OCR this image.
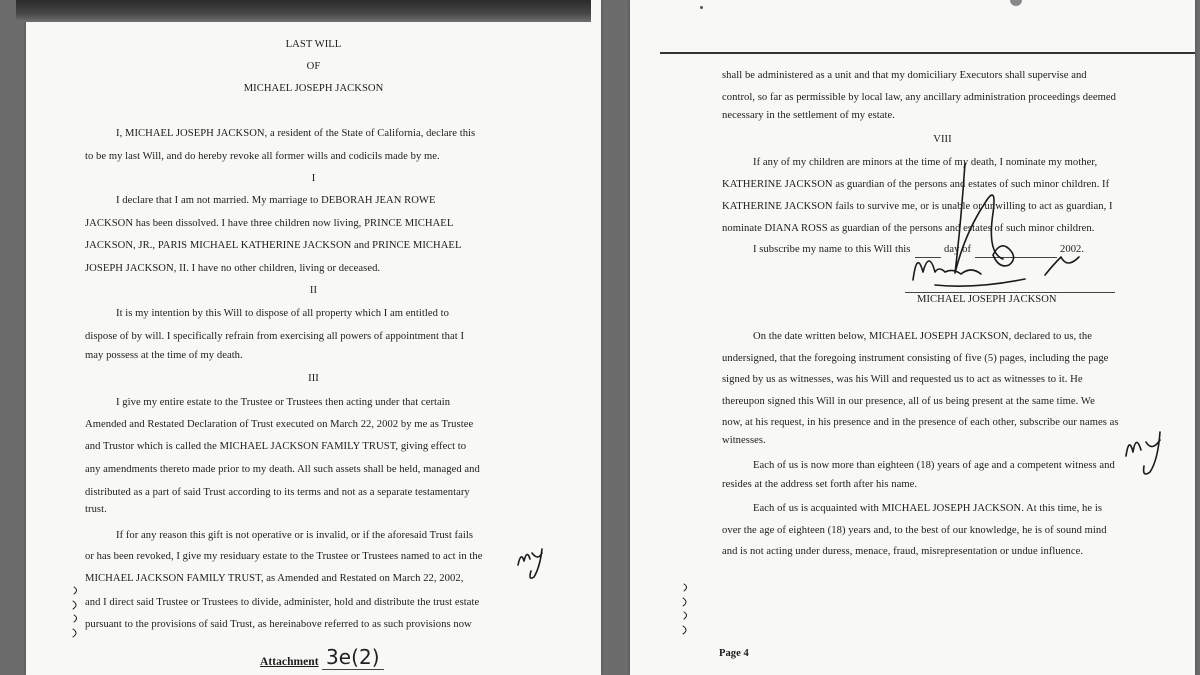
LAST WILL
OF
MICHAEL JOSEPH JACKSON
I, MICHAEL JOSEPH JACKSON, a resident of the State of California, declare this
to be my last Will, and do hereby revoke all former wills and codicils made by me.
I
I declare that I am not married. My marriage to DEBORAH JEAN ROWE
JACKSON has been dissolved. I have three children now living, PRINCE MICHAEL
JACKSON, JR., PARIS MICHAEL KATHERINE JACKSON and PRINCE MICHAEL
JOSEPH JACKSON, II. I have no other children, living or deceased.
II
It is my intention by this Will to dispose of all property which I am entitled to
dispose of by will. I specifically refrain from exercising all powers of appointment that I
may possess at the time of my death.
III
I give my entire estate to the Trustee or Trustees then acting under that certain
Amended and Restated Declaration of Trust executed on March 22, 2002 by me as Trustee
and Trustor which is called the MICHAEL JACKSON FAMILY TRUST, giving effect to
any amendments thereto made prior to my death. All such assets shall be held, managed and
distributed as a part of said Trust according to its terms and not as a separate testamentary
trust.
If for any reason this gift is not operative or is invalid, or if the aforesaid Trust fails
or has been revoked, I give my residuary estate to the Trustee or Trustees named to act in the
MICHAEL JACKSON FAMILY TRUST, as Amended and Restated on March 22, 2002,
and I direct said Trustee or Trustees to divide, administer, hold and distribute the trust estate
pursuant to the provisions of said Trust, as hereinabove referred to as such provisions now
Attachment 3e(2)
shall be administered as a unit and that my domiciliary Executors shall supervise and
control, so far as permissible by local law, any ancillary administration proceedings deemed
necessary in the settlement of my estate.
VIII
If any of my children are minors at the time of my death, I nominate my mother,
KATHERINE JACKSON as guardian of the persons and estates of such minor children. If
KATHERINE JACKSON fails to survive me, or is unable or unwilling to act as guardian, I
nominate DIANA ROSS as guardian of the persons and estates of such minor children.
I subscribe my name to this Will this	day of	2002.
MICHAEL JOSEPH JACKSON
On the date written below, MICHAEL JOSEPH JACKSON, declared to us, the
undersigned, that the foregoing instrument consisting of five (5) pages, including the page
signed by us as witnesses, was his Will and requested us to act as witnesses to it. He
thereupon signed this Will in our presence, all of us being present at the same time. We
now, at his request, in his presence and in the presence of each other, subscribe our names as
witnesses.
Each of us is now more than eighteen (18) years of age and a competent witness and
resides at the address set forth after his name.
Each of us is acquainted with MICHAEL JOSEPH JACKSON. At this time, he is
over the age of eighteen (18) years and, to the best of our knowledge, he is of sound mind
and is not acting under duress, menace, fraud, misrepresentation or undue influence.
Page 4
